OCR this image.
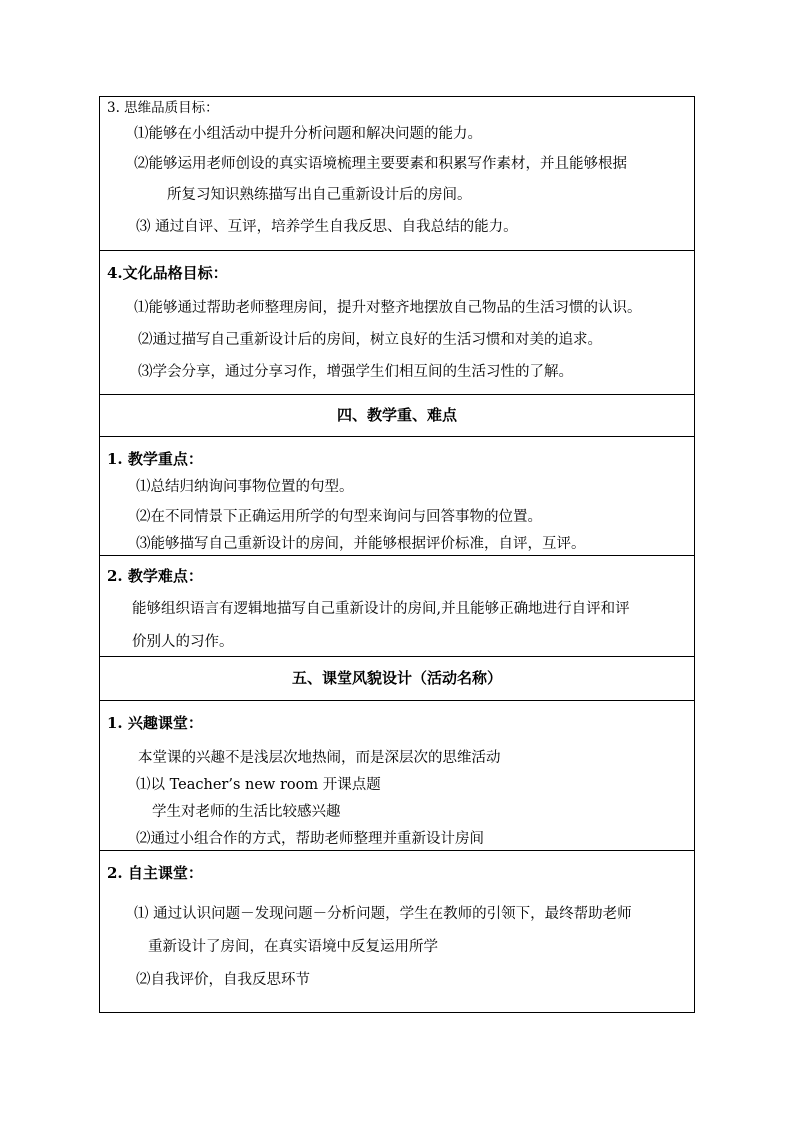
3. 思维品质目标：
⑴能够在小组活动中提升分析问题和解决问题的能力。
⑵能够运用老师创设的真实语境梳理主要要素和积累写作素材，并且能够根据
所复习知识熟练描写出自己重新设计后的房间。
⑶ 通过自评、互评，培养学生自我反思、自我总结的能力。

4.文化品格目标：
⑴能够通过帮助老师整理房间，提升对整齐地摆放自己物品的生活习惯的认识。
⑵通过描写自己重新设计后的房间，树立良好的生活习惯和对美的追求。
⑶学会分享，通过分享习作，增强学生们相互间的生活习性的了解。

四、教学重、难点

1. 教学重点：
⑴总结归纳询问事物位置的句型。
⑵在不同情景下正确运用所学的句型来询问与回答事物的位置。
⑶能够描写自己重新设计的房间，并能够根据评价标准，自评，互评。

2. 教学难点：
能够组织语言有逻辑地描写自己重新设计的房间,并且能够正确地进行自评和评
价别人的习作。

五、课堂风貌设计（活动名称）

1. 兴趣课堂：
本堂课的兴趣不是浅层次地热闹，而是深层次的思维活动
⑴以 Teacher’s new room 开课点题
学生对老师的生活比较感兴趣
⑵通过小组合作的方式，帮助老师整理并重新设计房间

2. 自主课堂：
⑴ 通过认识问题－发现问题－分析问题，学生在教师的引领下，最终帮助老师
重新设计了房间，在真实语境中反复运用所学
⑵自我评价，自我反思环节
